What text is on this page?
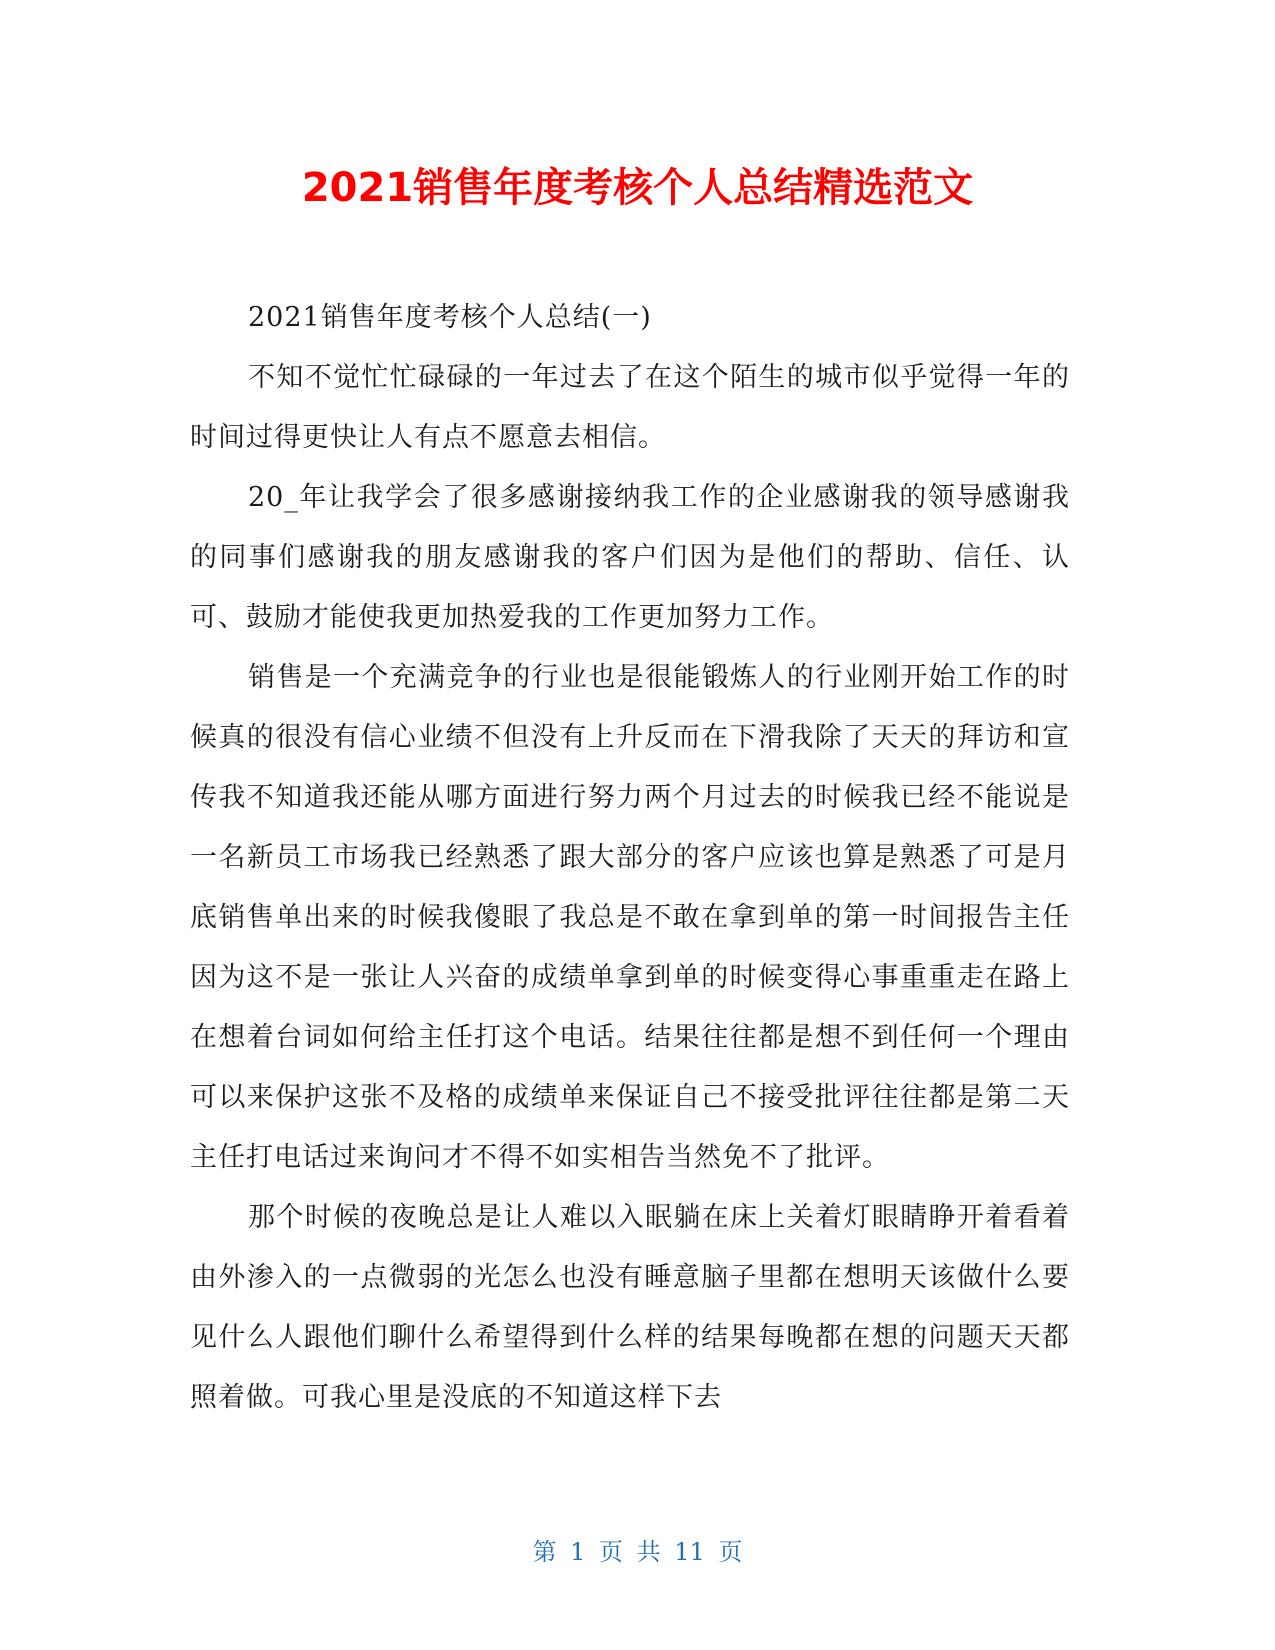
2021销售年度考核个人总结精选范文

2021销售年度考核个人总结(一)

不知不觉忙忙碌碌的一年过去了在这个陌生的城市似乎觉得一年的时间过得更快让人有点不愿意去相信。

20_年让我学会了很多感谢接纳我工作的企业感谢我的领导感谢我的同事们感谢我的朋友感谢我的客户们因为是他们的帮助、信任、认可、鼓励才能使我更加热爱我的工作更加努力工作。

销售是一个充满竞争的行业也是很能锻炼人的行业刚开始工作的时候真的很没有信心业绩不但没有上升反而在下滑我除了天天的拜访和宣传我不知道我还能从哪方面进行努力两个月过去的时候我已经不能说是一名新员工市场我已经熟悉了跟大部分的客户应该也算是熟悉了可是月底销售单出来的时候我傻眼了我总是不敢在拿到单的第一时间报告主任因为这不是一张让人兴奋的成绩单拿到单的时候变得心事重重走在路上在想着台词如何给主任打这个电话。结果往往都是想不到任何一个理由可以来保护这张不及格的成绩单来保证自己不接受批评往往都是第二天主任打电话过来询问才不得不如实相告当然免不了批评。

那个时候的夜晚总是让人难以入眠躺在床上关着灯眼睛睁开着看着由外渗入的一点微弱的光怎么也没有睡意脑子里都在想明天该做什么要见什么人跟他们聊什么希望得到什么样的结果每晚都在想的问题天天都照着做。可我心里是没底的不知道这样下去

第 1 页 共 11 页
